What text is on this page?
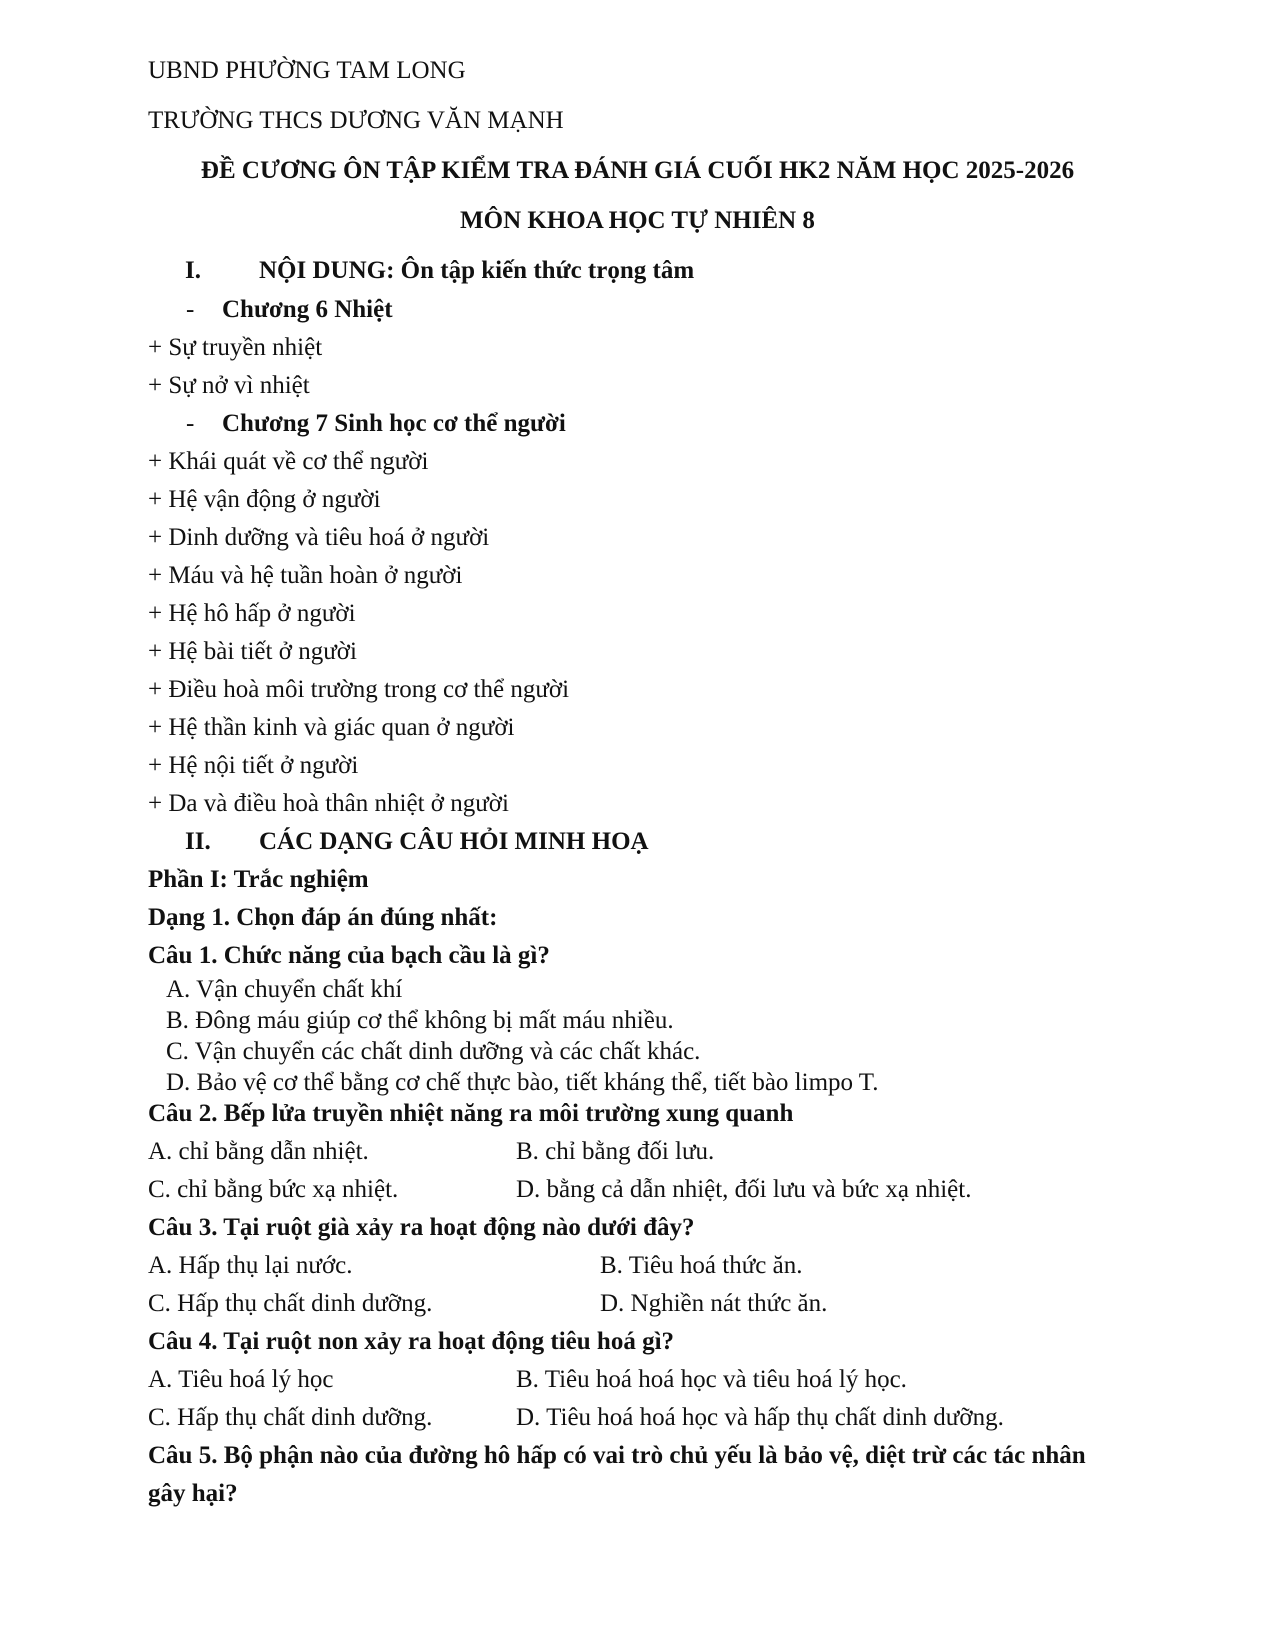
UBND PHƯỜNG TAM LONG
TRƯỜNG THCS DƯƠNG VĂN MẠNH
ĐỀ CƯƠNG ÔN TẬP KIỂM TRA ĐÁNH GIÁ CUỐI HK2 NĂM HỌC 2025-2026
MÔN KHOA HỌC TỰ NHIÊN 8
I. NỘI DUNG: Ôn tập kiến thức trọng tâm
- Chương 6 Nhiệt
+ Sự truyền nhiệt
+ Sự nở vì nhiệt
- Chương 7 Sinh học cơ thể người
+ Khái quát về cơ thể người
+ Hệ vận động ở người
+ Dinh dưỡng và tiêu hoá ở người
+ Máu và hệ tuần hoàn ở người
+ Hệ hô hấp ở người
+ Hệ bài tiết ở người
+ Điều hoà môi trường trong cơ thể người
+ Hệ thần kinh và giác quan ở người
+ Hệ nội tiết ở người
+ Da và điều hoà thân nhiệt ở người
II. CÁC DẠNG CÂU HỎI MINH HOẠ
Phần I: Trắc nghiệm
Dạng 1. Chọn đáp án đúng nhất:
Câu 1. Chức năng của bạch cầu là gì?
A. Vận chuyển chất khí
B. Đông máu giúp cơ thể không bị mất máu nhiều.
C. Vận chuyển các chất dinh dưỡng và các chất khác.
D. Bảo vệ cơ thể bằng cơ chế thực bào, tiết kháng thể, tiết bào limpo T.
Câu 2. Bếp lửa truyền nhiệt năng ra môi trường xung quanh
A. chỉ bằng dẫn nhiệt.	B. chỉ bằng đối lưu.
C. chỉ bằng bức xạ nhiệt.	D. bằng cả dẫn nhiệt, đối lưu và bức xạ nhiệt.
Câu 3. Tại ruột già xảy ra hoạt động nào dưới đây?
A. Hấp thụ lại nước.	B. Tiêu hoá thức ăn.
C. Hấp thụ chất dinh dưỡng.	D. Nghiền nát thức ăn.
Câu 4. Tại ruột non xảy ra hoạt động tiêu hoá gì?
A. Tiêu hoá lý học	B. Tiêu hoá hoá học và tiêu hoá lý học.
C. Hấp thụ chất dinh dưỡng.	D. Tiêu hoá hoá học và hấp thụ chất dinh dưỡng.
Câu 5. Bộ phận nào của đường hô hấp có vai trò chủ yếu là bảo vệ, diệt trừ các tác nhân
gây hại?
